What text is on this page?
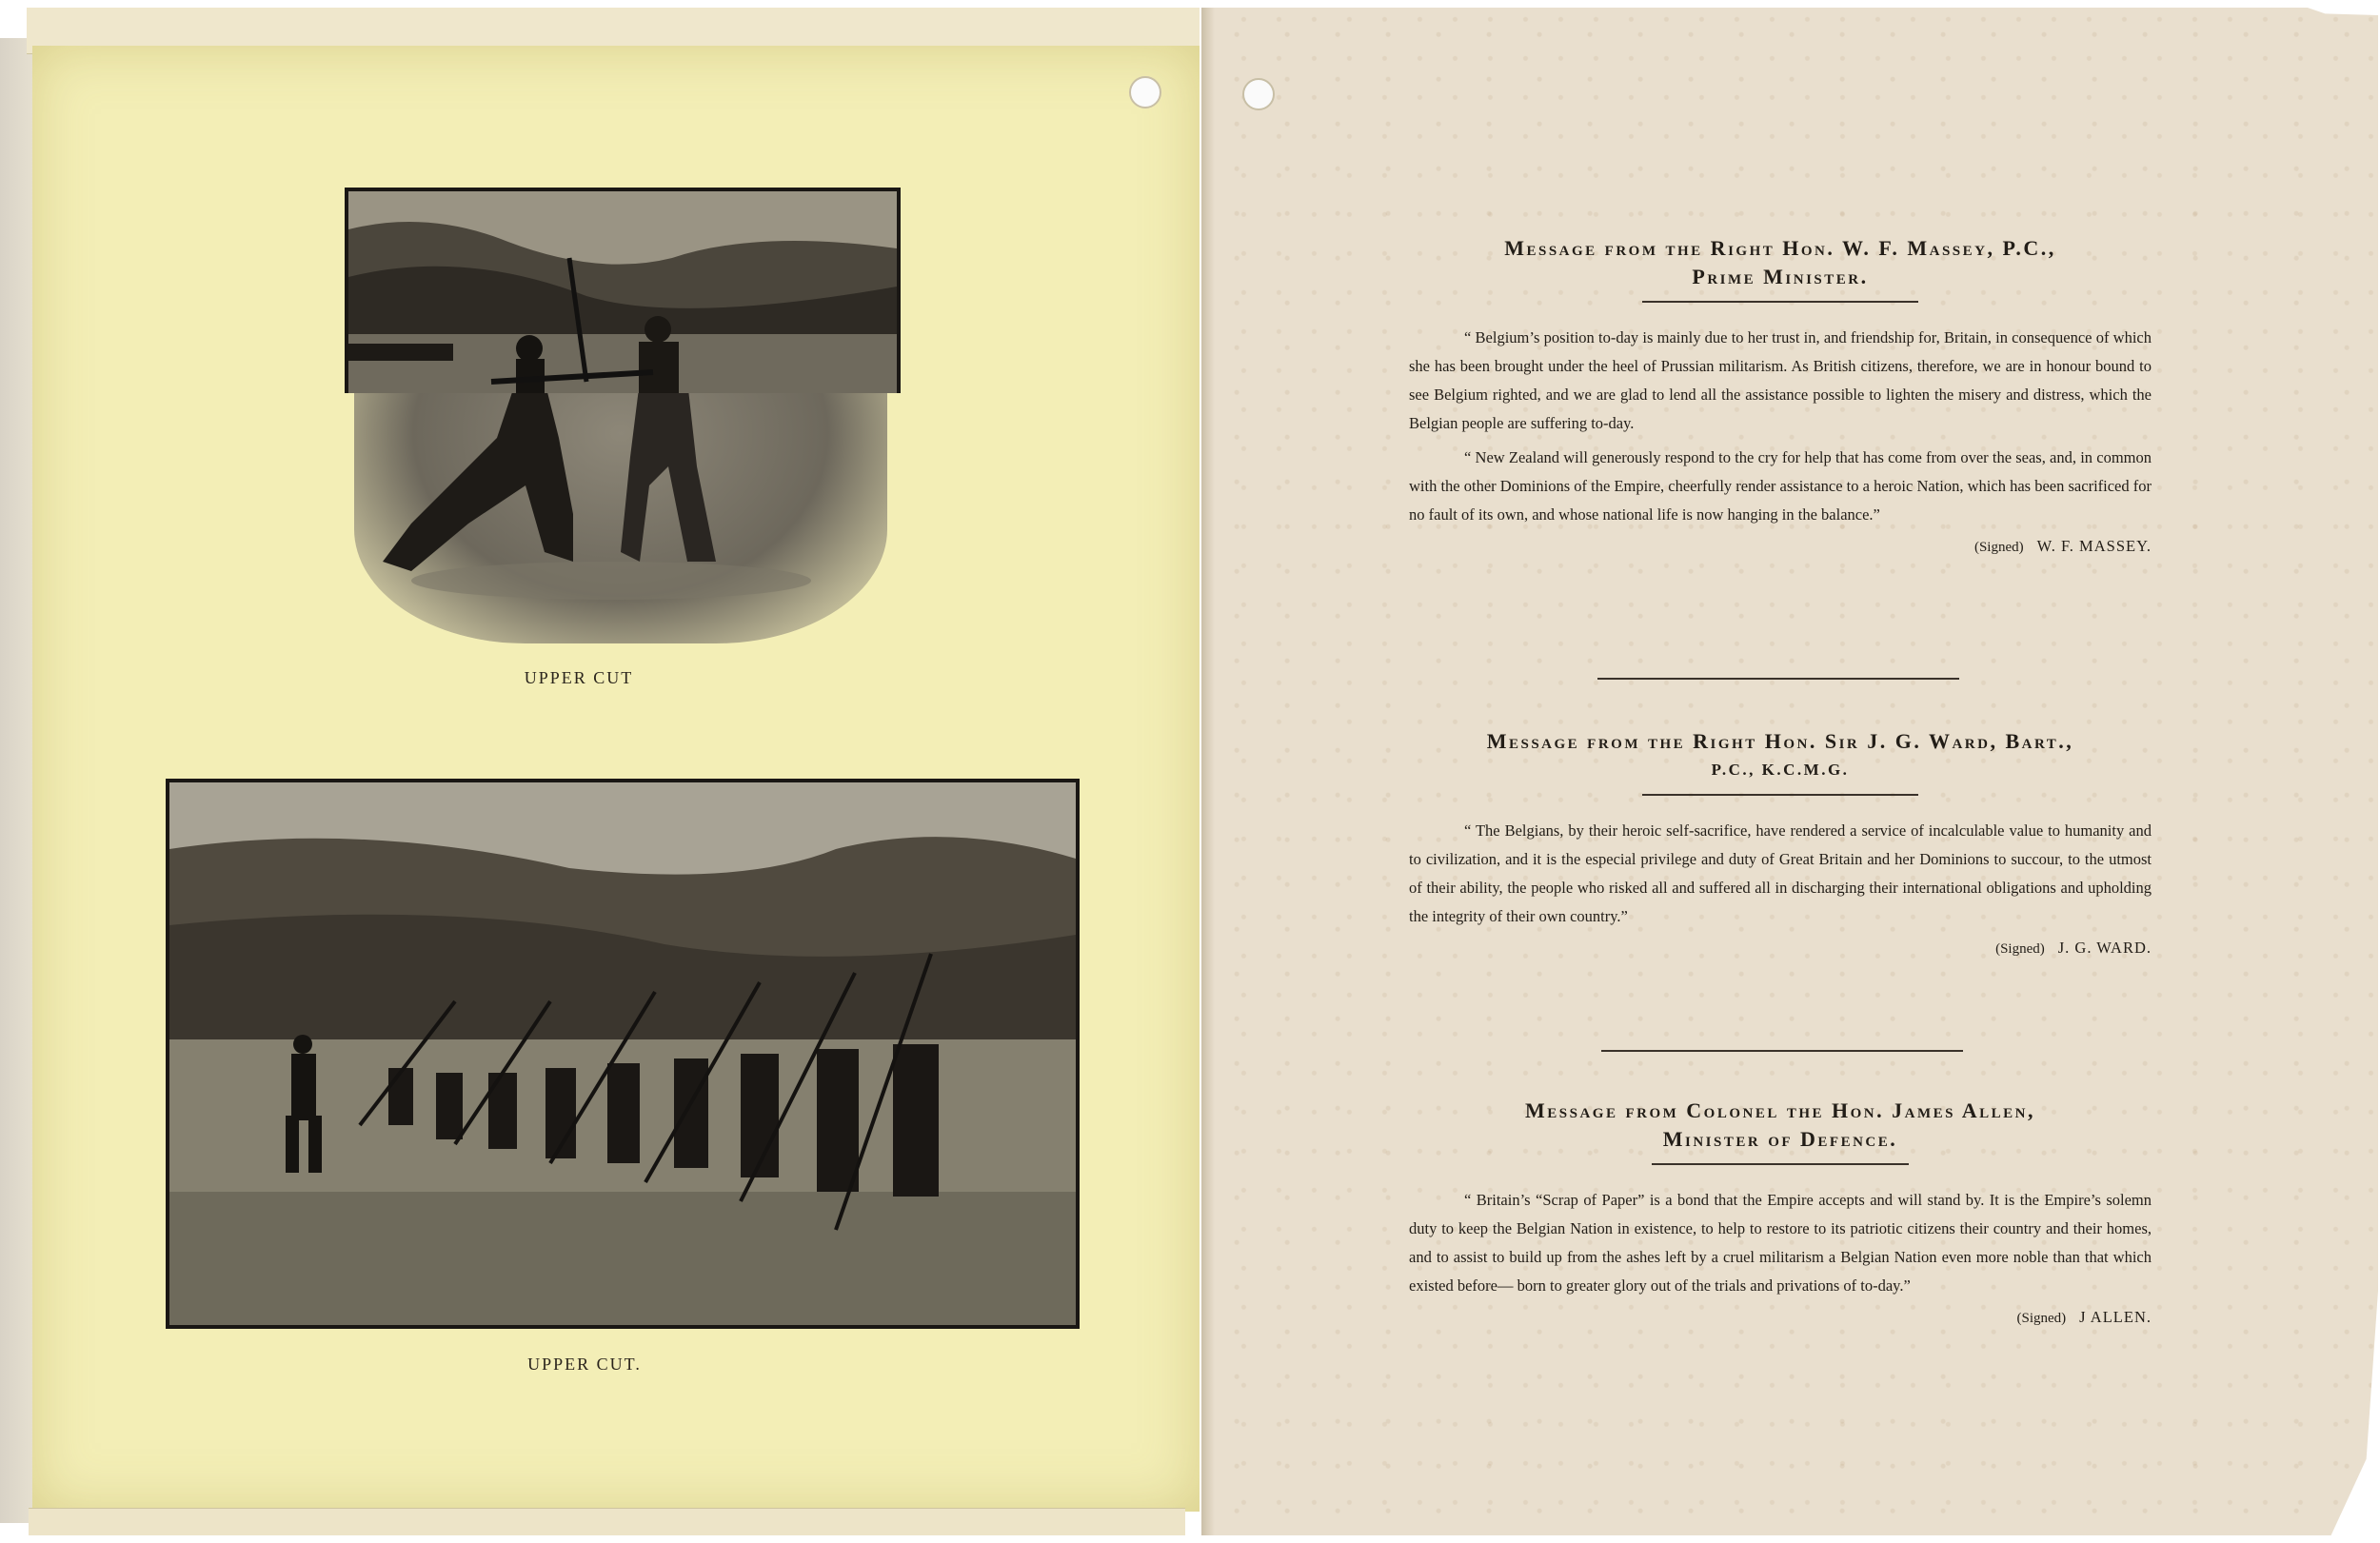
UPPER CUT
UPPER CUT.
Message from the Right Hon. W. F. Massey, P.C.,
Prime Minister.

“ Belgium’s position to-day is mainly due to her trust in, and friendship for, Britain, in consequence of which she has been brought under the heel of Prussian militarism. As British citizens, therefore, we are in honour bound to see Belgium righted, and we are glad to lend all the assistance possible to lighten the misery and distress, which the Belgian people are suffering to-day.

“ New Zealand will generously respond to the cry for help that has come from over the seas, and, in common with the other Dominions of the Empire, cheerfully render assistance to a heroic Nation, which has been sacrificed for no fault of its own, and whose national life is now hanging in the balance.”

(Signed) W. F. MASSEY.

Message from the Right Hon. Sir J. G. Ward, Bart.,
P.C., K.C.M.G.

“ The Belgians, by their heroic self-sacrifice, have rendered a service of incalculable value to humanity and to civilization, and it is the especial privilege and duty of Great Britain and her Dominions to succour, to the utmost of their ability, the people who risked all and suffered all in discharging their international obligations and upholding the integrity of their own country.”

(Signed) J. G. WARD.

Message from Colonel the Hon. James Allen,
Minister of Defence.

“ Britain’s “Scrap of Paper” is a bond that the Empire accepts and will stand by. It is the Empire’s solemn duty to keep the Belgian Nation in existence, to help to restore to its patriotic citizens their country and their homes, and to assist to build up from the ashes left by a cruel militarism a Belgian Nation even more noble than that which existed before— born to greater glory out of the trials and privations of to-day.”

(Signed) J ALLEN.
